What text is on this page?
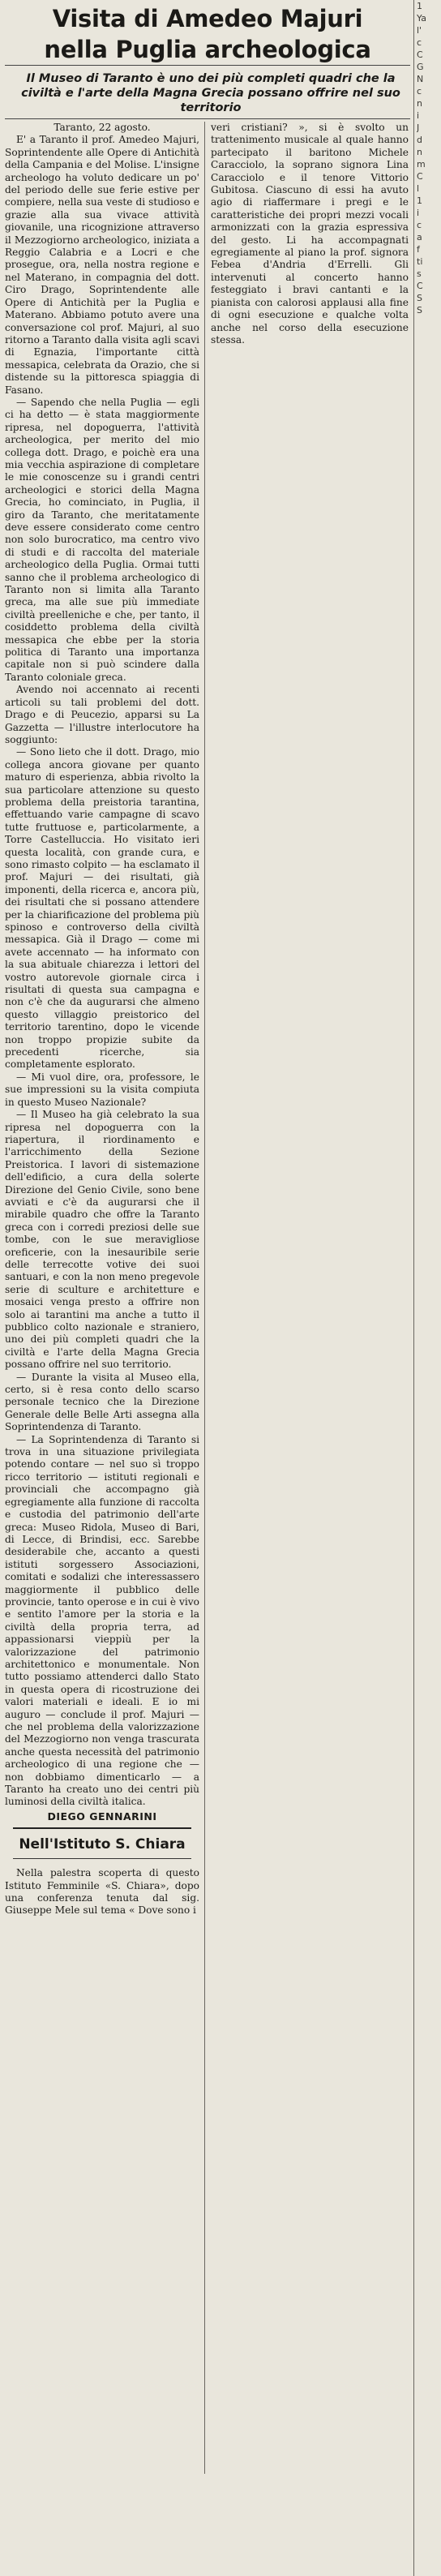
Visita di Amedeo Majuri
nella Puglia archeologica
Il Museo di Taranto è uno dei più completi quadri che la civiltà e l'arte della Magna Grecia possano offrire nel suo territorio

Taranto, 22 agosto.

E' a Taranto il prof. Amedeo Majuri, Soprintendente alle Opere di Antichità della Campania e del Molise. L'insigne archeologo ha voluto dedicare un po' del periodo delle sue ferie estive per compiere, nella sua veste di studioso e grazie alla sua vivace attività giovanile, una ricognizione attraverso il Mezzogiorno archeologico, iniziata a Reggio Calabria e a Locri e che prosegue, ora, nella nostra regione e nel Materano, in compagnia del dott. Ciro Drago, Soprintendente alle Opere di Antichità per la Puglia e Materano. Abbiamo potuto avere una conversazione col prof. Majuri, al suo ritorno a Taranto dalla visita agli scavi di Egnazia, l'importante città messapica, celebrata da Orazio, che si distende su la pittoresca spiaggia di Fasano.

— Sapendo che nella Puglia — egli ci ha detto — è stata maggiormente ripresa, nel dopoguerra, l'attività archeologica, per merito del mio collega dott. Drago, e poichè era una mia vecchia aspirazione di completare le mie conoscenze su i grandi centri archeologici e storici della Magna Grecia, ho cominciato, in Puglia, il giro da Taranto, che meritatamente deve essere considerato come centro non solo burocratico, ma centro vivo di studi e di raccolta del materiale archeologico della Puglia. Ormai tutti sanno che il problema archeologico di Taranto non si limita alla Taranto greca, ma alle sue più immediate civiltà preelleniche e che, per tanto, il cosiddetto problema della civiltà messapica che ebbe per la storia politica di Taranto una importanza capitale non si può scindere dalla Taranto coloniale greca.

Avendo noi accennato ai recenti articoli su tali problemi del dott. Drago e di Peucezio, apparsi su La Gazzetta — l'illustre interlocutore ha soggiunto:

— Sono lieto che il dott. Drago, mio collega ancora giovane per quanto maturo di esperienza, abbia rivolto la sua particolare attenzione su questo problema della preistoria tarantina, effettuando varie campagne di scavo tutte fruttuose e, particolarmente, a Torre Castelluccia. Ho visitato ieri questa località, con grande cura, e sono rimasto colpito — ha esclamato il prof. Majuri — dei risultati, già imponenti, della ricerca e, ancora più, dei risultati che si possano attendere per la chiarificazione del problema più spinoso e controverso della civiltà messapica. Già il Drago — come mi avete accennato — ha informato con la sua abituale chiarezza i lettori del vostro autorevole giornale circa i risultati di questa sua campagna e non c'è che da augurarsi che almeno questo villaggio preistorico del territorio tarentino, dopo le vicende non troppo propizie subite da precedenti ricerche, sia completamente esplorato.

— Mi vuol dire, ora, professore, le sue impressioni su la visita compiuta in questo Museo Nazionale?

— Il Museo ha già celebrato la sua ripresa nel dopoguerra con la riapertura, il riordinamento e l'arricchimento della Sezione Preistorica. I lavori di sistemazione dell'edificio, a cura della solerte Direzione del Genio Civile, sono bene avviati e c'è da augurarsi che il mirabile quadro che offre la Taranto greca con i corredi preziosi delle sue tombe, con le sue meravigliose oreficerie, con la inesauribile serie delle terrecotte votive dei suoi santuari, e con la non meno pregevole serie di sculture e architetture e mosaici venga presto a offrire non solo ai tarantini ma anche a tutto il pubblico colto nazionale e straniero, uno dei più completi quadri che la civiltà e l'arte della Magna Grecia possano offrire nel suo territorio.

— Durante la visita al Museo ella, certo, si è resa conto dello scarso personale tecnico che la Direzione Generale delle Belle Arti assegna alla Soprintendenza di Taranto.

— La Soprintendenza di Taranto si trova in una situazione privilegiata potendo contare — nel suo sì troppo ricco territorio — istituti regionali e provinciali che accompagno già egregiamente alla funzione di raccolta e custodia del patrimonio dell'arte greca: Museo Ridola, Museo di Bari, di Lecce, di Brindisi, ecc. Sarebbe desiderabile che, accanto a questi istituti sorgessero Associazioni, comitati e sodalizi che interessassero maggiormente il pubblico delle provincie, tanto operose e in cui è vivo e sentito l'amore per la storia e la civiltà della propria terra, ad appassionarsi vieppiù per la valorizzazione del patrimonio architettonico e monumentale. Non tutto possiamo attenderci dallo Stato in questa opera di ricostruzione dei valori materiali e ideali. E io mi auguro — conclude il prof. Majuri — che nel problema della valorizzazione del Mezzogiorno non venga trascurata anche questa necessità del patrimonio archeologico di una regione che — non dobbiamo dimenticarlo — a Taranto ha creato uno dei centri più luminosi della civiltà italica.

DIEGO GENNARINI
Nell'Istituto S. Chiara

Nella palestra scoperta di questo Istituto Femminile «S. Chiara», dopo una conferenza tenuta dal sig. Giuseppe Mele sul tema « Dove sono i

veri cristiani? », si è svolto un trattenimento musicale al quale hanno partecipato il baritono Michele Caracciolo, la soprano signora Lina Caracciolo e il tenore Vittorio Gubitosa. Ciascuno di essi ha avuto agio di riaffermare i pregi e le caratteristiche dei propri mezzi vocali armonizzati con la grazia espressiva del gesto. Li ha accompagnati egregiamente al piano la prof. signora Febea d'Andria d'Errelli. Gli intervenuti al concerto hanno festeggiato i bravi cantanti e la pianista con calorosi applausi alla fine di ogni esecuzione e qualche volta anche nel corso della esecuzione stessa.

1
Ya
l'
c
C
G
N
c
n
i
J
d
n
m
C
l
1
i
c
a
f
ti
s
C
S
S
